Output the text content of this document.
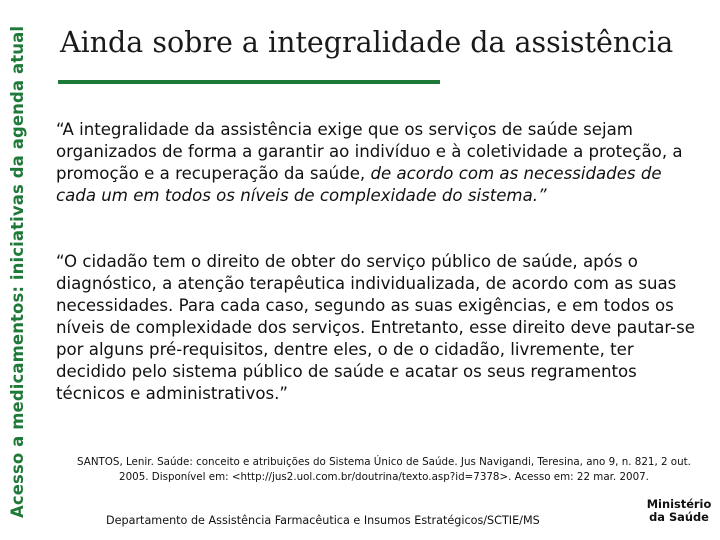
Acesso a medicamentos: iniciativas da agenda atual Ainda sobre a integralidade da assistência
“A integralidade da assistência exige que os serviços de saúde sejam organizados de forma a garantir ao indivíduo e à coletividade a proteção, a promoção e a recuperação da saúde, de acordo com as necessidades de cada um em todos os níveis de complexidade do sistema.”
“O cidadão tem o direito de obter do serviço público de saúde, após o diagnóstico, a atenção terapêutica individualizada, de acordo com as suas necessidades. Para cada caso, segundo as suas exigências, e em todos os níveis de complexidade dos serviços. Entretanto, esse direito deve pautar-se por alguns pré-requisitos, dentre eles, o de o cidadão, livremente, ter decidido pelo sistema público de saúde e acatar os seus regramentos técnicos e administrativos.”
SANTOS, Lenir. Saúde: conceito e atribuições do Sistema Único de Saúde. Jus Navigandi, Teresina, ano 9, n. 821, 2 out. 2005. Disponível em: <http://jus2.uol.com.br/doutrina/texto.asp?id=7378>. Acesso em: 22 mar. 2007.
Departamento de Assistência Farmacêutica e Insumos Estratégicos/SCTIE/MS
Ministério
da Saúde
